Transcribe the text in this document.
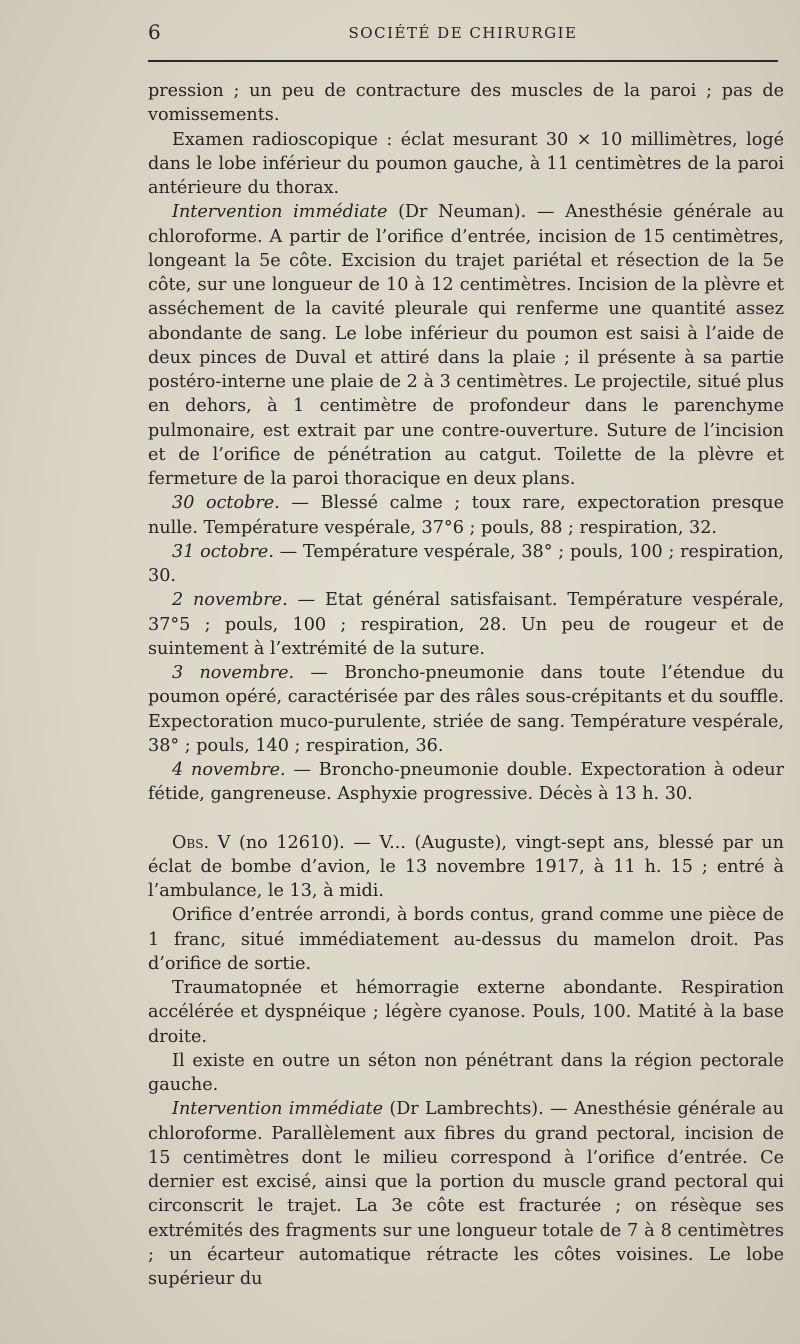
6	SOCIÉTÉ DE CHIRURGIE

pression ; un peu de contracture des muscles de la paroi ; pas de vomissements.

Examen radioscopique : éclat mesurant 30 × 10 millimètres, logé dans le lobe inférieur du poumon gauche, à 11 centimètres de la paroi antérieure du thorax.

Intervention immédiate (Dr Neuman). — Anesthésie générale au chloroforme. A partir de l’orifice d’entrée, incision de 15 centimètres, longeant la 5e côte. Excision du trajet pariétal et résection de la 5e côte, sur une longueur de 10 à 12 centimètres. Incision de la plèvre et asséchement de la cavité pleurale qui renferme une quantité assez abondante de sang. Le lobe inférieur du poumon est saisi à l’aide de deux pinces de Duval et attiré dans la plaie ; il présente à sa partie postéro-interne une plaie de 2 à 3 centimètres. Le projectile, situé plus en dehors, à 1 centimètre de profondeur dans le parenchyme pulmonaire, est extrait par une contre-ouverture. Suture de l’incision et de l’orifice de pénétration au catgut. Toilette de la plèvre et fermeture de la paroi thoracique en deux plans.

30 octobre. — Blessé calme ; toux rare, expectoration presque nulle. Température vespérale, 37°6 ; pouls, 88 ; respiration, 32.

31 octobre. — Température vespérale, 38° ; pouls, 100 ; respiration, 30.

2 novembre. — Etat général satisfaisant. Température vespérale, 37°5 ; pouls, 100 ; respiration, 28. Un peu de rougeur et de suintement à l’extrémité de la suture.

3 novembre. — Broncho-pneumonie dans toute l’étendue du poumon opéré, caractérisée par des râles sous-crépitants et du souffle. Expectoration muco-purulente, striée de sang. Température vespérale, 38° ; pouls, 140 ; respiration, 36.

4 novembre. — Broncho-pneumonie double. Expectoration à odeur fétide, gangreneuse. Asphyxie progressive. Décès à 13 h. 30.

Obs. V (no 12610). — V... (Auguste), vingt-sept ans, blessé par un éclat de bombe d’avion, le 13 novembre 1917, à 11 h. 15 ; entré à l’ambulance, le 13, à midi.

Orifice d’entrée arrondi, à bords contus, grand comme une pièce de 1 franc, situé immédiatement au-dessus du mamelon droit. Pas d’orifice de sortie.

Traumatopnée et hémorragie externe abondante. Respiration accélérée et dyspnéique ; légère cyanose. Pouls, 100. Matité à la base droite.

Il existe en outre un séton non pénétrant dans la région pectorale gauche.

Intervention immédiate (Dr Lambrechts). — Anesthésie générale au chloroforme. Parallèlement aux fibres du grand pectoral, incision de 15 centimètres dont le milieu correspond à l’orifice d’entrée. Ce dernier est excisé, ainsi que la portion du muscle grand pectoral qui circonscrit le trajet. La 3e côte est fracturée ; on résèque ses extrémités des fragments sur une longueur totale de 7 à 8 centimètres ; un écarteur automatique rétracte les côtes voisines. Le lobe supérieur du
